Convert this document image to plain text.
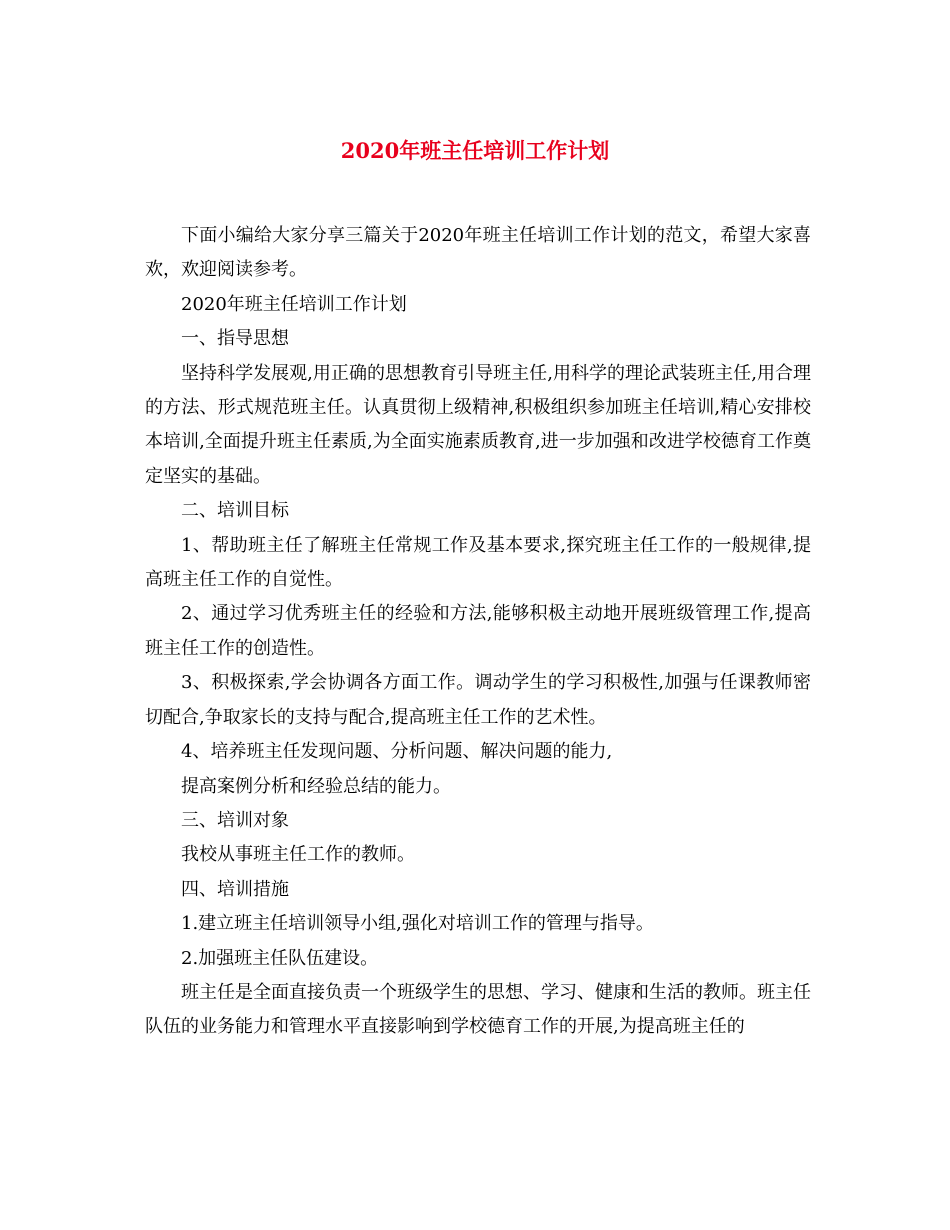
2020年班主任培训工作计划

下面小编给大家分享三篇关于2020年班主任培训工作计划的范文，希望大家喜欢，欢迎阅读参考。

2020年班主任培训工作计划

一、指导思想

坚持科学发展观,用正确的思想教育引导班主任,用科学的理论武装班主任,用合理的方法、形式规范班主任。认真贯彻上级精神,积极组织参加班主任培训,精心安排校本培训,全面提升班主任素质,为全面实施素质教育,进一步加强和改进学校德育工作奠定坚实的基础。

二、培训目标

1、帮助班主任了解班主任常规工作及基本要求,探究班主任工作的一般规律,提高班主任工作的自觉性。

2、通过学习优秀班主任的经验和方法,能够积极主动地开展班级管理工作,提高班主任工作的创造性。

3、积极探索,学会协调各方面工作。调动学生的学习积极性,加强与任课教师密切配合,争取家长的支持与配合,提高班主任工作的艺术性。

4、培养班主任发现问题、分析问题、解决问题的能力,

提高案例分析和经验总结的能力。

三、培训对象

我校从事班主任工作的教师。

四、培训措施

1.建立班主任培训领导小组,强化对培训工作的管理与指导。

2.加强班主任队伍建设。

班主任是全面直接负责一个班级学生的思想、学习、健康和生活的教师。班主任队伍的业务能力和管理水平直接影响到学校德育工作的开展,为提高班主任的
